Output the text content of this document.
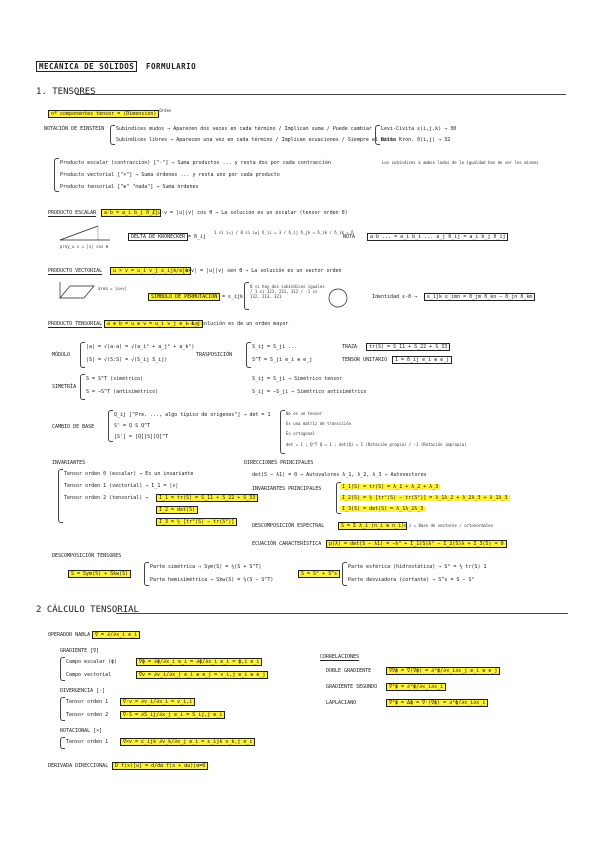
MECÁNICA DE SÓLIDOS	FORMULARIO
1. TENSORES
nº componentes tensor = (Dimensión)$^{Orden}$
NOTACIÓN DE EINSTEIN Subíndices mudos → Aparecen dos veces en cada término / Implican suma / Puede cambiar
Subíndices libres → Aparecen una vez en cada término / Implican ecuaciones / Siempre el mismo
Levi-Civita ε(i,j,k) → 30
Delta Kron. δ(i,j) → 32
Producto escalar (contracción) ["·"] → Suma productos ... y resta dos por cada contracción
Producto vectorial ["×"] → Suma órdenes ... y resta uno por cada producto
Producto tensorial ["⊗" "nada"] → Suma órdenes
Los subíndices a ambos lados de la igualdad han de ser los mismos
PRODUCTO ESCALAR	a·b = a_i b_j δ_ij
/ u·v = |u||v| cos θ → La solución es un escalar (tensor orden 0)
proy_u v = |v| cos θ
DELTA DE KRONECKER = δ_ij
1 si i=j / 0 si i≠j δ_ii = 3 / δ_ij δ_jk = δ_ik / δ_ik = δ
NOTA	a·b ... = a_i b_i ... a_j δ_ij = a_i b_j δ_ij
PRODUCTO VECTORIAL	u × v = u_i v_j ε_ijk e_k
/ |u×v| = |u||v| sen θ → La solución es un vector orden
área = |u×v|
SÍMBOLO DE PERMUTACIÓN = ε_ijk
0 si hay dos subíndices iguales / 1 si 123, 231, 312 / -1 si 132, 213, 321	Identidad ε-δ →	ε_ijk ε_imn = δ_jm δ_kn − δ_jn δ_km
PRODUCTO TENSORIAL a ⊗ b = u ⊗ v = u_i v_j e_i e_j
→ La solución es de un orden mayor
MÓDULO
|a| = √(a·a) = √(a_i² + a_j² + a_k²)
|S| = √(S:S) = √(S_ij S_ij)
TRASPOSICIÓN
S_ij = S_ji ...
S^T = S_ji e_i ⊗ e_j
TRAZA	tr(S) = S_11 + S_22 + S_33
TENSOR UNITARIO	1 = δ_ij e_i ⊗ e_j
SIMETRÍA
S = S^T (simétrico)
S = −S^T (antisimétrico)
S_ij = S_ji → Simétrico tensor
S_ij = −S_ji → Simétrico antisimétrico
CAMBIO DE BASE
Q_ij ["Pre. ..., algo típico de orígenes"] → det = 1
S' = Q S Q^T
[S'] = [Q][S][Q]^T
No es un tensor
Es una matriz de transición
Es ortogonal
det = 1 ; Q^T Q = 1 ; det(Q) = 1 (Rotación propia) / -1 (Rotación impropia)
INVARIANTES
Tensor orden 0 (escalar) → Es un invariante
Tensor orden 1 (vectorial) → I_1 = |v|
Tensor orden 2 (tensorial) →	I_1 = tr(S) = S_11 + S_22 + S_33
I_2 = det(S)
I_3 = ½ [tr²(S) − tr(S²)]
DIRECCIONES PRINCIPALES
det(S − λ1) = 0 → Autovalores λ_1, λ_2, λ_3 → Autovectores
INVARIANTES PRINCIPALES	I_1(S) = tr(S) = λ_1 + λ_2 + λ_3
I_2(S) = ½ [tr²(S) − tr(S²)] = λ_1λ_2 + λ_2λ_3 + λ_1λ_3
I_3(S) = det(S) = λ_1λ_2λ_3
DESCOMPOSICIÓN ESPECTRAL	S = Σ λ_i (n_i ⊗ n_i) n_i = Base de vectores / ortonormales
ECUACIÓN CARACTERÍSTICA	p(λ) = det(S − λ1) = −λ³ + I_1(S)λ² − I_2(S)λ + I_3(S) = 0
DESCOMPOSICIÓN TENSORES
S = Sym(S) + Skw(S)
Parte simétrica → Sym(S) = ½(S + S^T)
Parte hemisimétrica → Skw(S) = ½(S − S^T)
S = S° + S^s
Parte esférica (hidrostática) → S° = ⅓ tr(S) 1
Parte desviadora (cortante) → S^s = S − S°
2 CÁLCULO TENSORIAL
OPERADOR NABLA ∇ = ∂/∂x_i e_i
GRADIENTE [∇]
Campo escalar (ϕ)	∇ϕ = ∂ϕ/∂x_i e_i = ∂ϕ/∂x_i e_i = ϕ,i e_i
Campo vectorial	∇v = ∂v_i/∂x_j e_i ⊗ e_j = v_i,j e_i ⊗ e_j
DIVERGENCIA [·]
Tensor orden 1	∇·v = ∂v_i/∂x_i = v_i,i
Tensor orden 2	∇·S = ∂S_ij/∂x_j e_i = S_ij,j e_i
ROTACIONAL [×]
Tensor orden 1	∇×v = ε_ijk ∂v_k/∂x_j e_i = ε_ijk v_k,j e_i
DERIVADA DIRECCIONAL	D f(x)[u] = d/dα f(x + αu)|α=0
CORRELACIONES
DOBLE GRADIENTE	∇∇ϕ = ∇(∇ϕ) = ∂²ϕ/∂x_i∂x_j e_i ⊗ e_j
GRADIENTE SEGUNDO	∇²ϕ = ∂²ϕ/∂x_i∂x_i
LAPLACIANO	∇²ϕ = Δϕ = ∇·(∇ϕ) = ∂²ϕ/∂x_i∂x_i
